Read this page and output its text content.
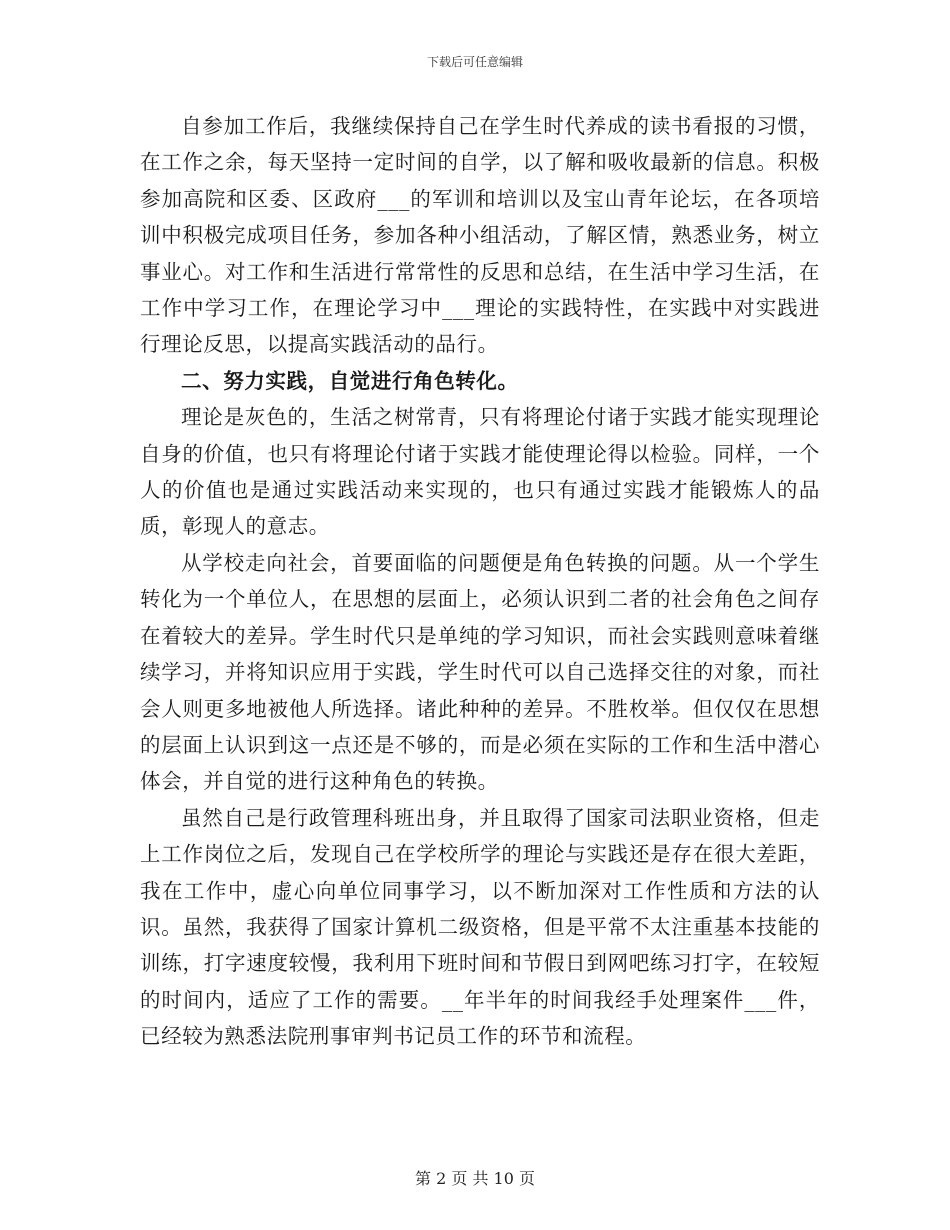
下载后可任意编辑

自参加工作后，我继续保持自己在学生时代养成的读书看报的习惯，在工作之余，每天坚持一定时间的自学，以了解和吸收最新的信息。积极参加高院和区委、区政府___的军训和培训以及宝山青年论坛，在各项培训中积极完成项目任务，参加各种小组活动，了解区情，熟悉业务，树立事业心。对工作和生活进行常常性的反思和总结，在生活中学习生活，在工作中学习工作，在理论学习中___理论的实践特性，在实践中对实践进行理论反思，以提高实践活动的品行。

二、努力实践，自觉进行角色转化。

理论是灰色的，生活之树常青，只有将理论付诸于实践才能实现理论自身的价值，也只有将理论付诸于实践才能使理论得以检验。同样，一个人的价值也是通过实践活动来实现的，也只有通过实践才能锻炼人的品质，彰现人的意志。

从学校走向社会，首要面临的问题便是角色转换的问题。从一个学生转化为一个单位人，在思想的层面上，必须认识到二者的社会角色之间存在着较大的差异。学生时代只是单纯的学习知识，而社会实践则意味着继续学习，并将知识应用于实践，学生时代可以自己选择交往的对象，而社会人则更多地被他人所选择。诸此种种的差异。不胜枚举。但仅仅在思想的层面上认识到这一点还是不够的，而是必须在实际的工作和生活中潜心体会，并自觉的进行这种角色的转换。

虽然自己是行政管理科班出身，并且取得了国家司法职业资格，但走上工作岗位之后，发现自己在学校所学的理论与实践还是存在很大差距，我在工作中，虚心向单位同事学习，以不断加深对工作性质和方法的认识。虽然，我获得了国家计算机二级资格，但是平常不太注重基本技能的训练，打字速度较慢，我利用下班时间和节假日到网吧练习打字，在较短的时间内，适应了工作的需要。__年半年的时间我经手处理案件___件，已经较为熟悉法院刑事审判书记员工作的环节和流程。

第 2 页 共 10 页
